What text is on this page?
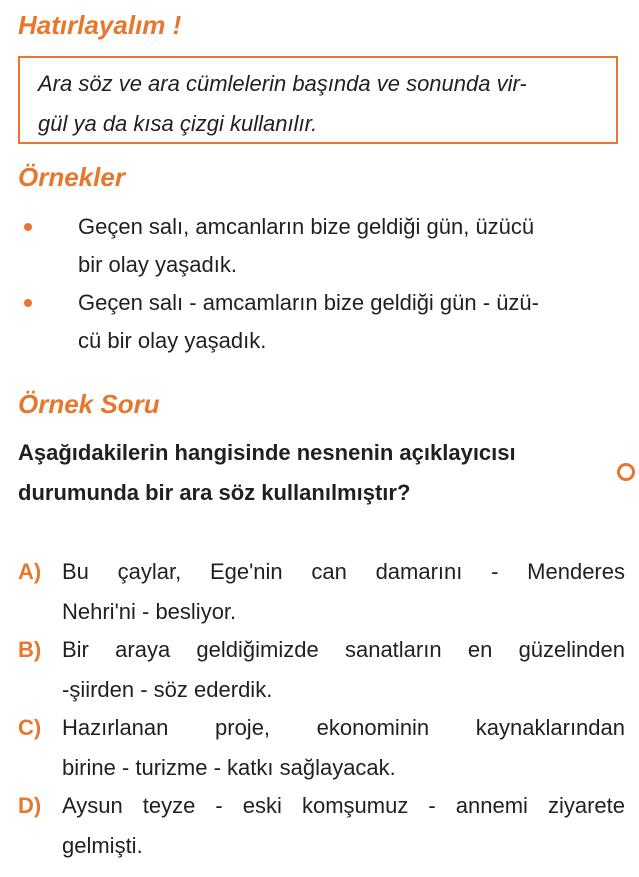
Hatırlayalım !
Ara söz ve ara cümlelerin başında ve sonunda vir-
gül ya da kısa çizgi kullanılır.
Örnekler
Geçen salı, amcanların bize geldiği gün, üzücü
bir olay yaşadık.
Geçen salı - amcamların bize geldiği gün - üzü-
cü bir olay yaşadık.
Örnek Soru
Aşağıdakilerin hangisinde nesnenin açıklayıcısı
durumunda bir ara söz kullanılmıştır?
A) Bu çaylar, Ege'nin can damarını - Menderes
Nehri'ni - besliyor.
B) Bir araya geldiğimizde sanatların en güzelinden
-şiirden - söz ederdik.
C) Hazırlanan proje, ekonominin kaynaklarından
birine - turizme - katkı sağlayacak.
D) Aysun teyze - eski komşumuz - annemi ziyarete
gelmişti.
